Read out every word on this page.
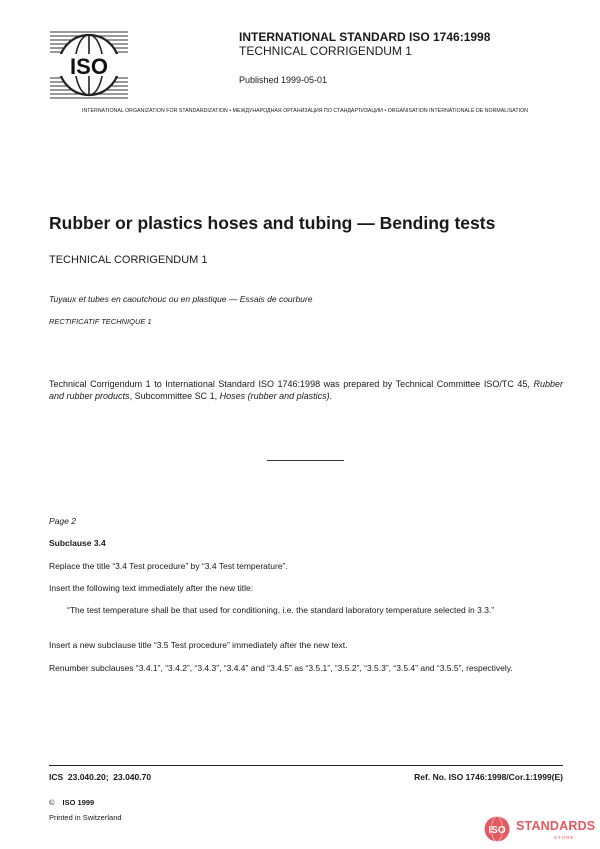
ISO
INTERNATIONAL STANDARD ISO 1746:1998
TECHNICAL CORRIGENDUM 1
Published 1999-05-01
INTERNATIONAL ORGANIZATION FOR STANDARDIZATION • МЕЖДУНАРОДНАЯ ОРГАНИЗАЦИЯ ПО СТАНДАРТИЗАЦИИ • ORGANISATION INTERNATIONALE DE NORMALISATION
Rubber or plastics hoses and tubing — Bending tests
TECHNICAL CORRIGENDUM 1
Tuyaux et tubes en caoutchouc ou en plastique — Essais de courbure
RECTIFICATIF TECHNIQUE 1
Technical Corrigendum 1 to International Standard ISO 1746:1998 was prepared by Technical Committee ISO/TC 45, Rubber and rubber products, Subcommittee SC 1, Hoses (rubber and plastics).
Page 2
Subclause 3.4
Replace the title “3.4 Test procedure” by “3.4 Test temperature”.
Insert the following text immediately after the new title:
“The test temperature shall be that used for conditioning, i.e. the standard laboratory temperature selected in 3.3.”
Insert a new subclause title “3.5 Test procedure” immediately after the new text.
Renumber subclauses “3.4.1”, “3.4.2”, “3.4.3”, “3.4.4” and “3.4.5” as “3.5.1”, “3.5.2”, “3.5.3”, “3.5.4” and “3.5.5”, respectively.
ICS  23.040.20;  23.040.70	Ref. No. ISO 1746:1998/Cor.1:1999(E)
© ISO 1999
Printed in Switzerland
ISO STANDARDS
STORE
